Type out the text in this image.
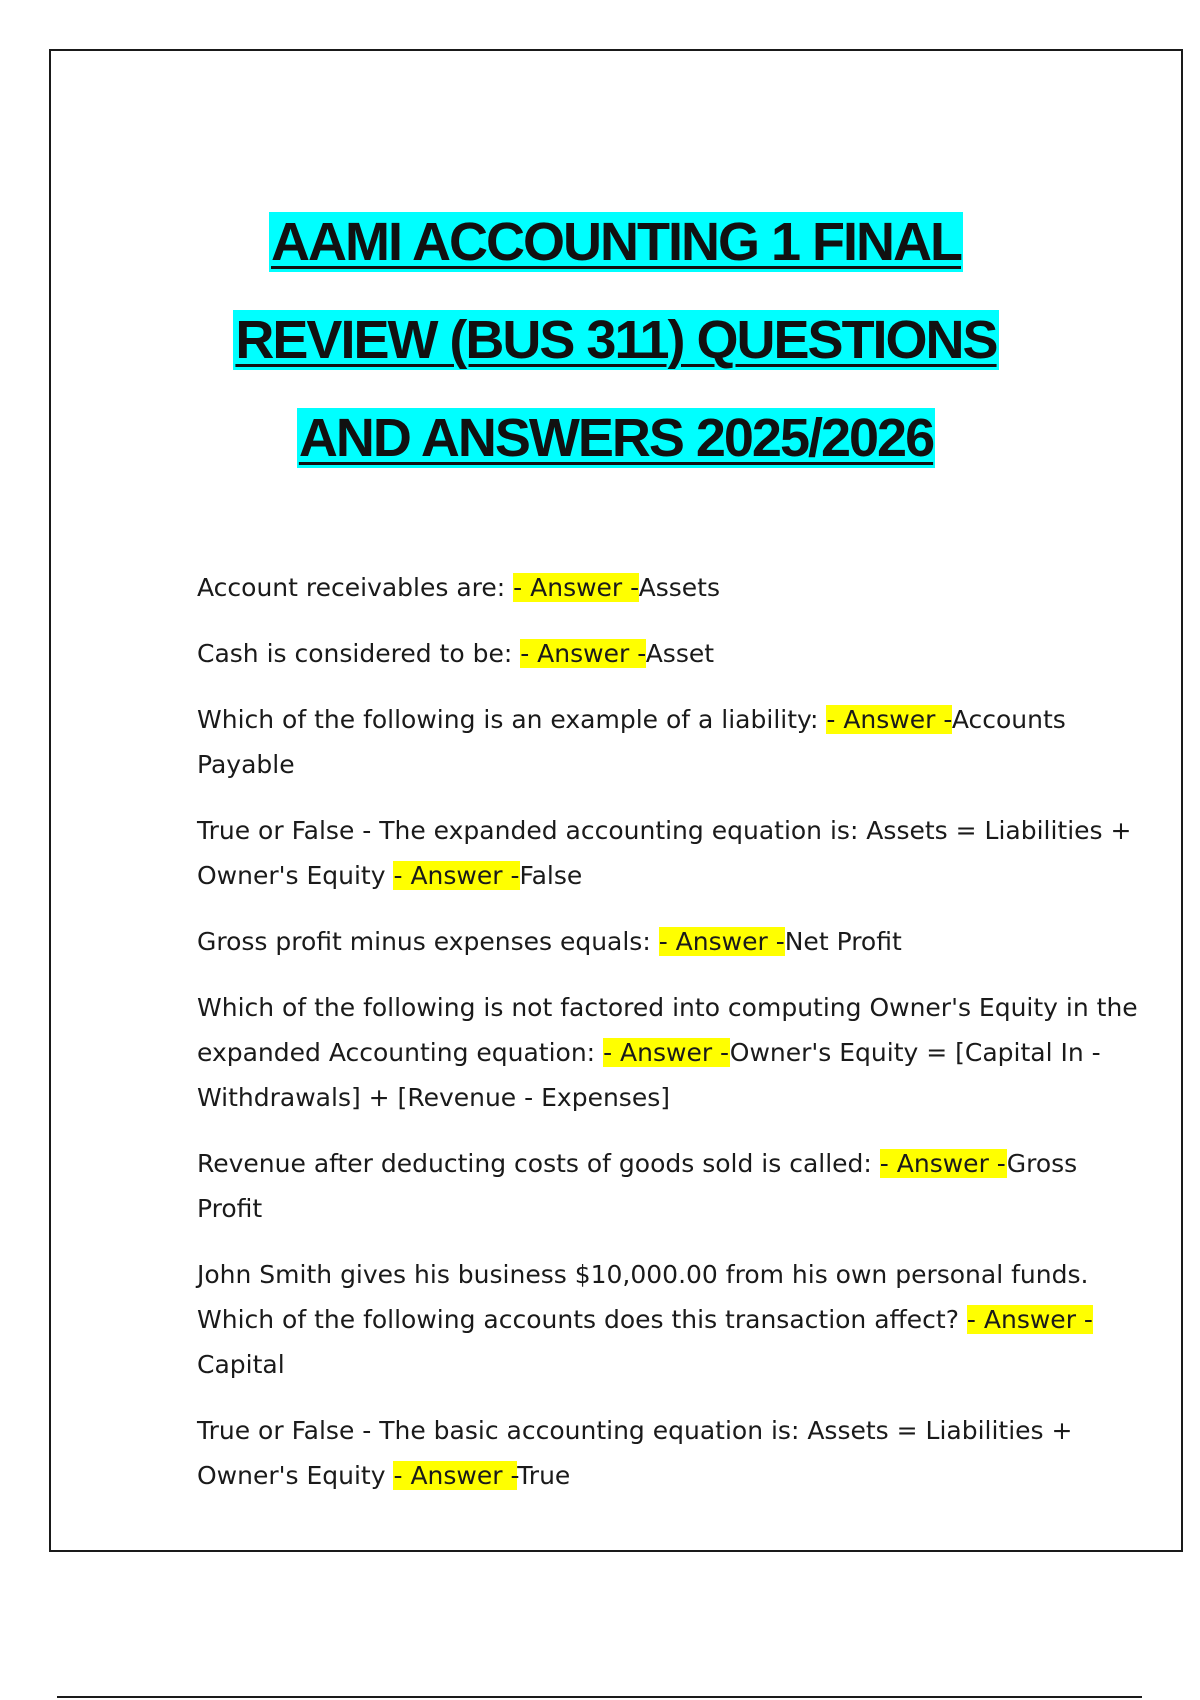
AAMI ACCOUNTING 1 FINAL
REVIEW (BUS 311) QUESTIONS
AND ANSWERS 2025/2026

Account receivables are: - Answer -Assets

Cash is considered to be: - Answer -Asset

Which of the following is an example of a liability: - Answer -Accounts Payable

True or False - The expanded accounting equation is: Assets = Liabilities + Owner's Equity - Answer -False

Gross profit minus expenses equals: - Answer -Net Profit

Which of the following is not factored into computing Owner's Equity in the expanded Accounting equation: - Answer -Owner's Equity = [Capital In - Withdrawals] + [Revenue - Expenses]

Revenue after deducting costs of goods sold is called: - Answer -Gross Profit

John Smith gives his business $10,000.00 from his own personal funds. Which of the following accounts does this transaction affect? - Answer -Capital

True or False - The basic accounting equation is: Assets = Liabilities + Owner's Equity - Answer -True
